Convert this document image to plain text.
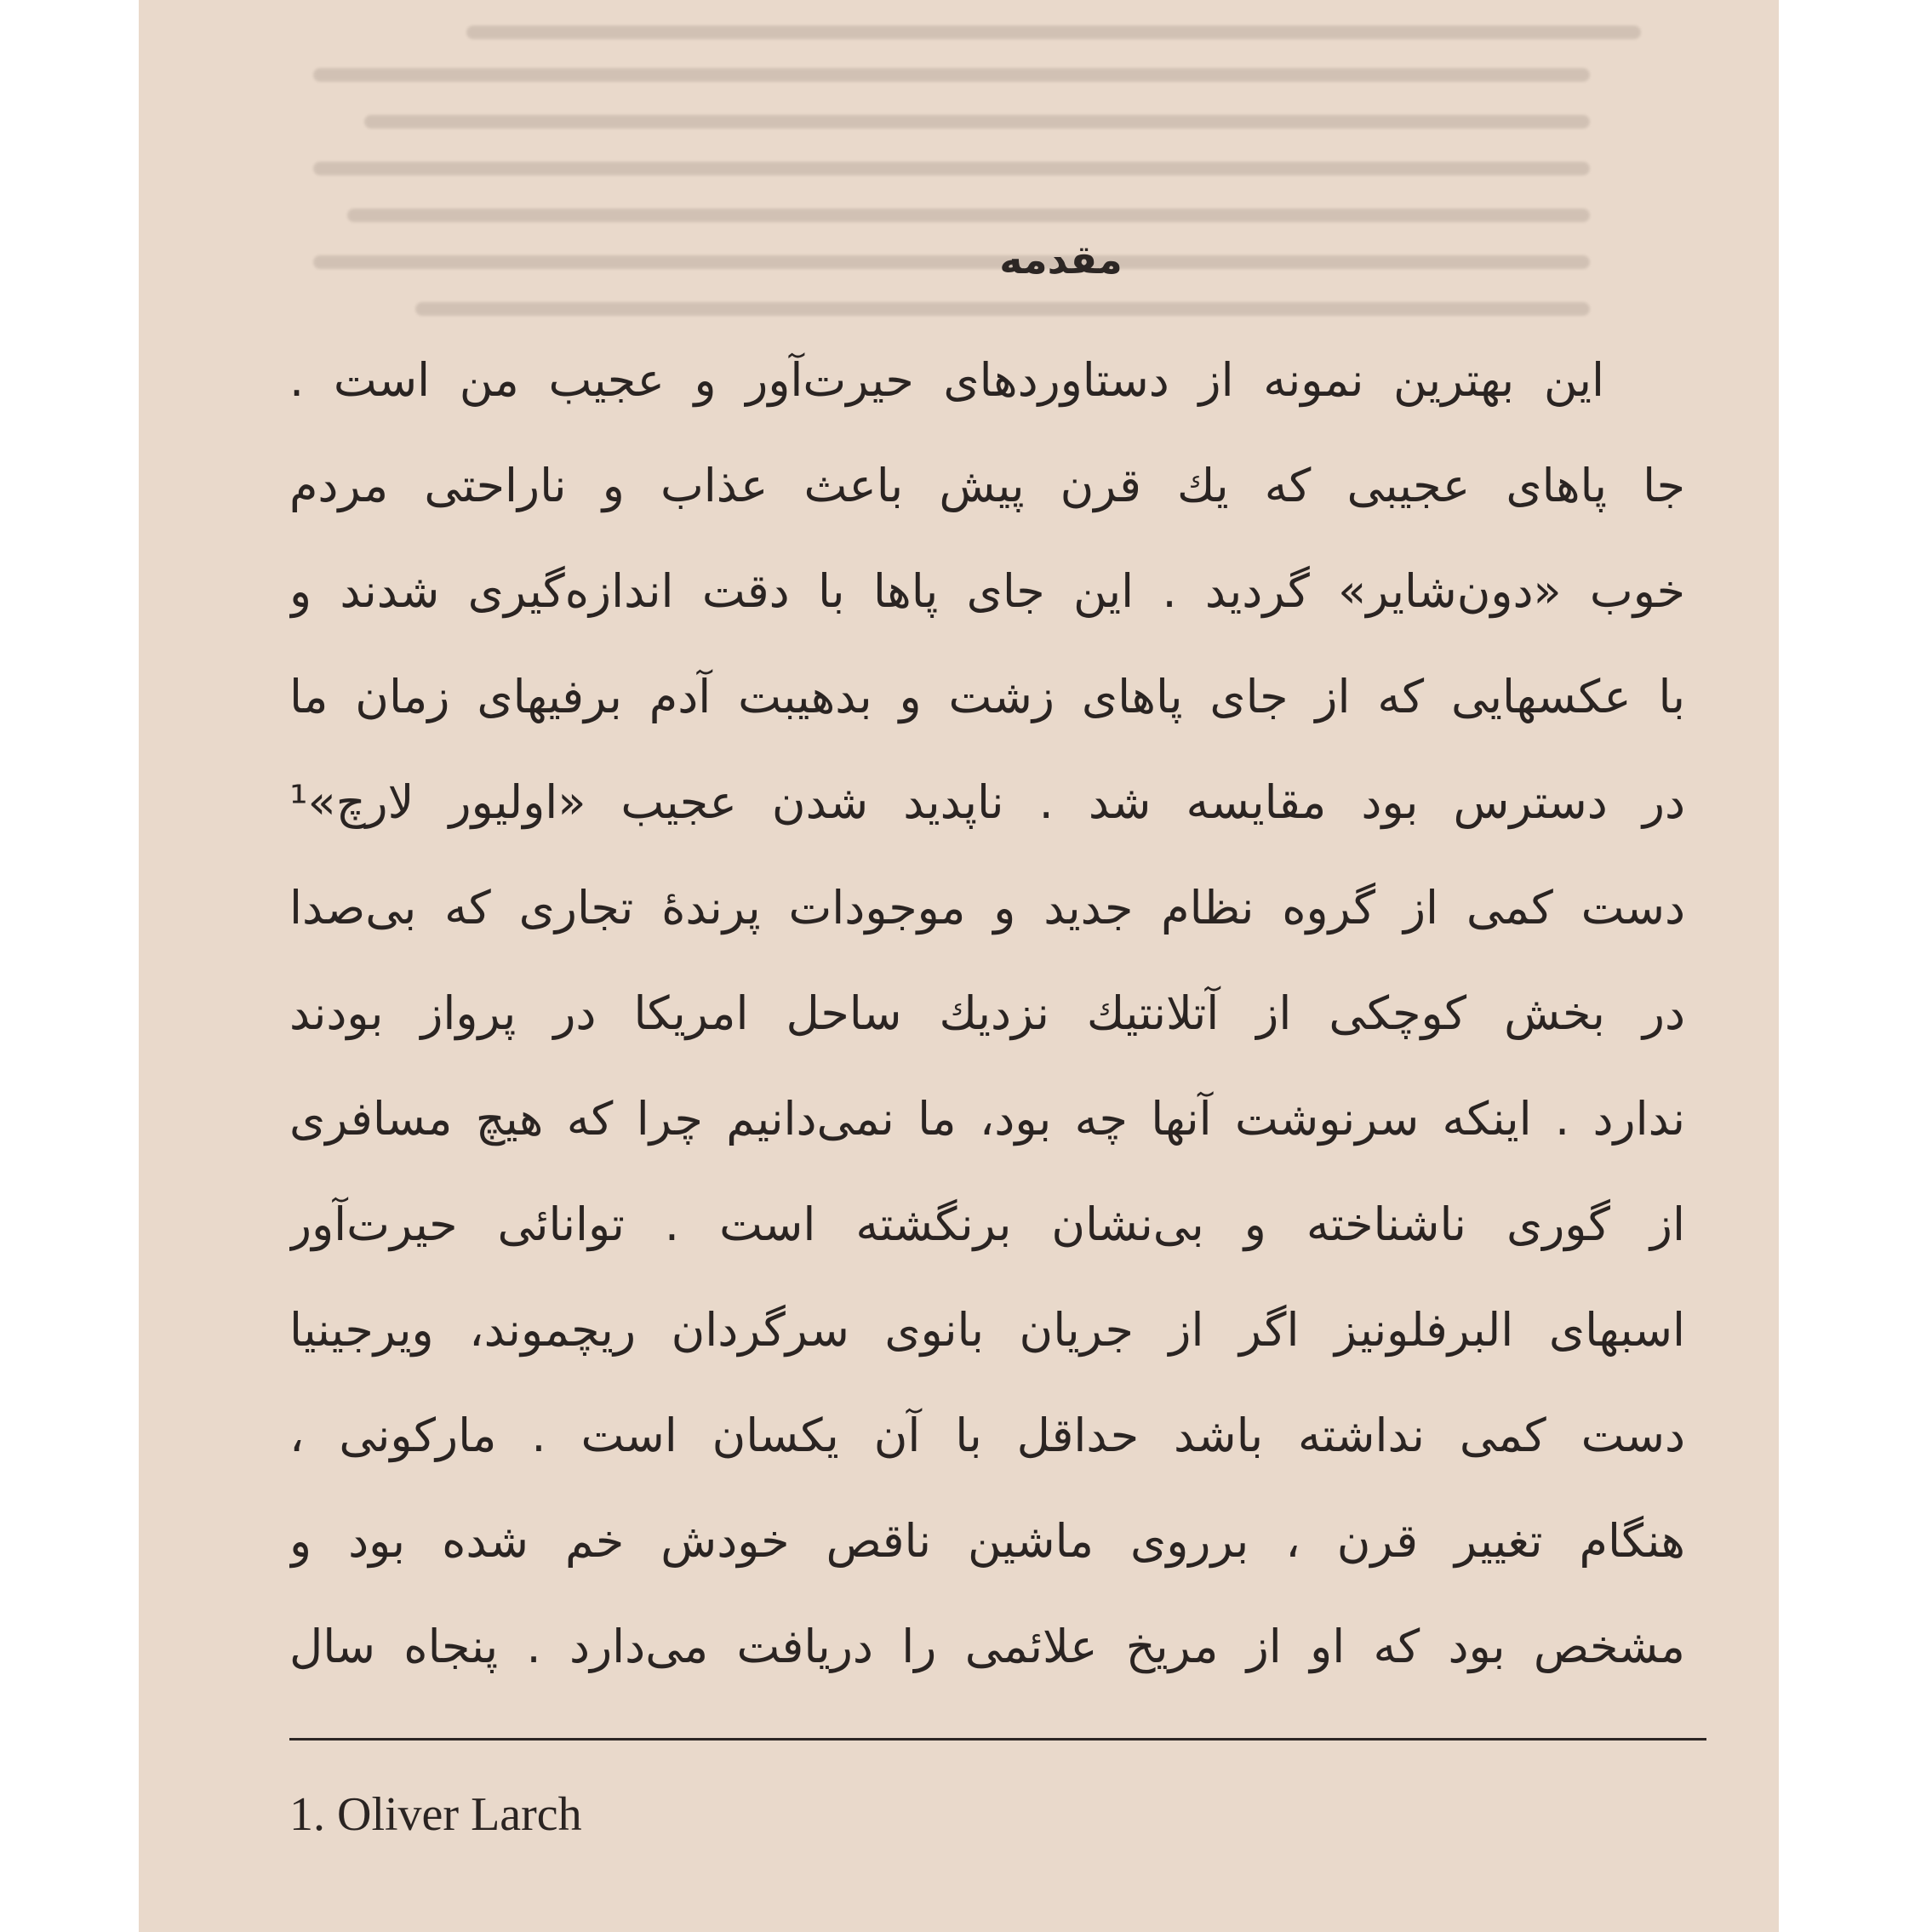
مقدمه
این بهترین نمونه از دستاوردهای حیرت‌آور و عجیب من است .
جا پاهای عجیبی که یك قرن پیش باعث عذاب و ناراحتی مردم
خوب «دون‌شایر» گردید . این جای پاها با دقت اندازه‌گیری شدند و
با عکسهایی که از جای پاهای زشت و بدهیبت آدم برفیهای زمان ما
در دسترس بود مقایسه شد . ناپدید شدن عجیب «اولیور لارچ»¹
دست کمی از گروه نظام جدید و موجودات پرندهٔ تجاری که بی‌صدا
در بخش کوچکی از آتلانتیك نزدیك ساحل امریکا در پرواز بودند
ندارد . اینکه سرنوشت آنها چه بود، ما نمی‌دانیم چرا که هیچ مسافری
از گوری ناشناخته و بی‌نشان برنگشته است . توانائی حیرت‌آور
اسبهای البرفلونیز اگر از جریان بانوی سرگردان ریچموند، ویرجینیا
دست کمی نداشته باشد حداقل با آن یکسان است . مارکونی ،
هنگام تغییر قرن ، برروی ماشین ناقص خودش خم شده بود و
مشخص بود که او از مریخ علائمی را دریافت می‌دارد . پنجاه سال
1. Oliver Larch
